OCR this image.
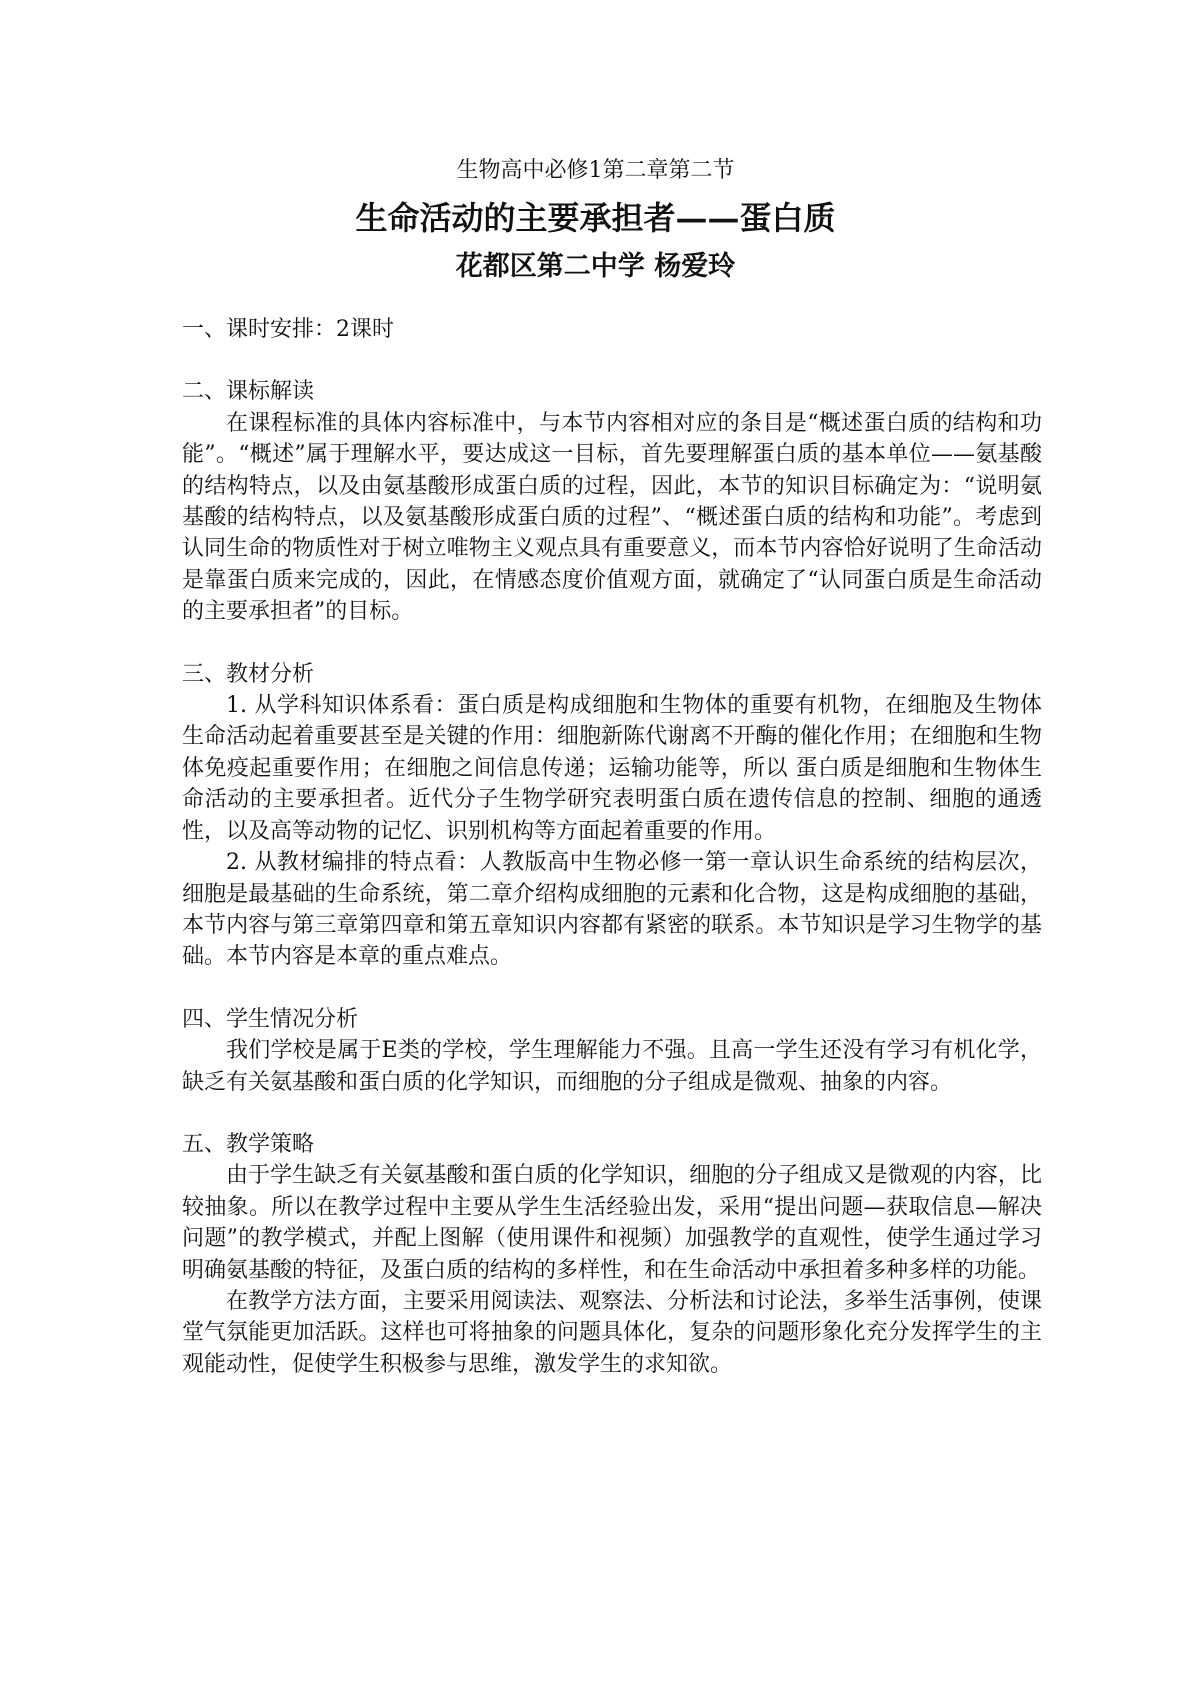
生物高中必修1第二章第二节
生命活动的主要承担者——蛋白质
花都区第二中学 杨爱玲

一、课时安排：2课时

二、课标解读

在课程标准的具体内容标准中，与本节内容相对应的条目是“概述蛋白质的结构和功能”。“概述”属于理解水平，要达成这一目标，首先要理解蛋白质的基本单位——氨基酸的结构特点，以及由氨基酸形成蛋白质的过程，因此，本节的知识目标确定为：“说明氨基酸的结构特点，以及氨基酸形成蛋白质的过程”、“概述蛋白质的结构和功能”。考虑到认同生命的物质性对于树立唯物主义观点具有重要意义，而本节内容恰好说明了生命活动是靠蛋白质来完成的，因此，在情感态度价值观方面，就确定了“认同蛋白质是生命活动的主要承担者”的目标。

三、教材分析

1. 从学科知识体系看：蛋白质是构成细胞和生物体的重要有机物，在细胞及生物体生命活动起着重要甚至是关键的作用：细胞新陈代谢离不开酶的催化作用；在细胞和生物体免疫起重要作用；在细胞之间信息传递；运输功能等，所以 蛋白质是细胞和生物体生命活动的主要承担者。近代分子生物学研究表明蛋白质在遗传信息的控制、细胞的通透性，以及高等动物的记忆、识别机构等方面起着重要的作用。

2. 从教材编排的特点看：人教版高中生物必修一第一章认识生命系统的结构层次，细胞是最基础的生命系统，第二章介绍构成细胞的元素和化合物，这是构成细胞的基础，本节内容与第三章第四章和第五章知识内容都有紧密的联系。本节知识是学习生物学的基础。本节内容是本章的重点难点。

四、学生情况分析

我们学校是属于E类的学校，学生理解能力不强。且高一学生还没有学习有机化学，缺乏有关氨基酸和蛋白质的化学知识，而细胞的分子组成是微观、抽象的内容。

五、教学策略

由于学生缺乏有关氨基酸和蛋白质的化学知识，细胞的分子组成又是微观的内容，比较抽象。所以在教学过程中主要从学生生活经验出发，采用“提出问题—获取信息—解决问题”的教学模式，并配上图解（使用课件和视频）加强教学的直观性，使学生通过学习明确氨基酸的特征，及蛋白质的结构的多样性，和在生命活动中承担着多种多样的功能。

在教学方法方面，主要采用阅读法、观察法、分析法和讨论法，多举生活事例，使课堂气氛能更加活跃。这样也可将抽象的问题具体化，复杂的问题形象化充分发挥学生的主观能动性，促使学生积极参与思维，激发学生的求知欲。
